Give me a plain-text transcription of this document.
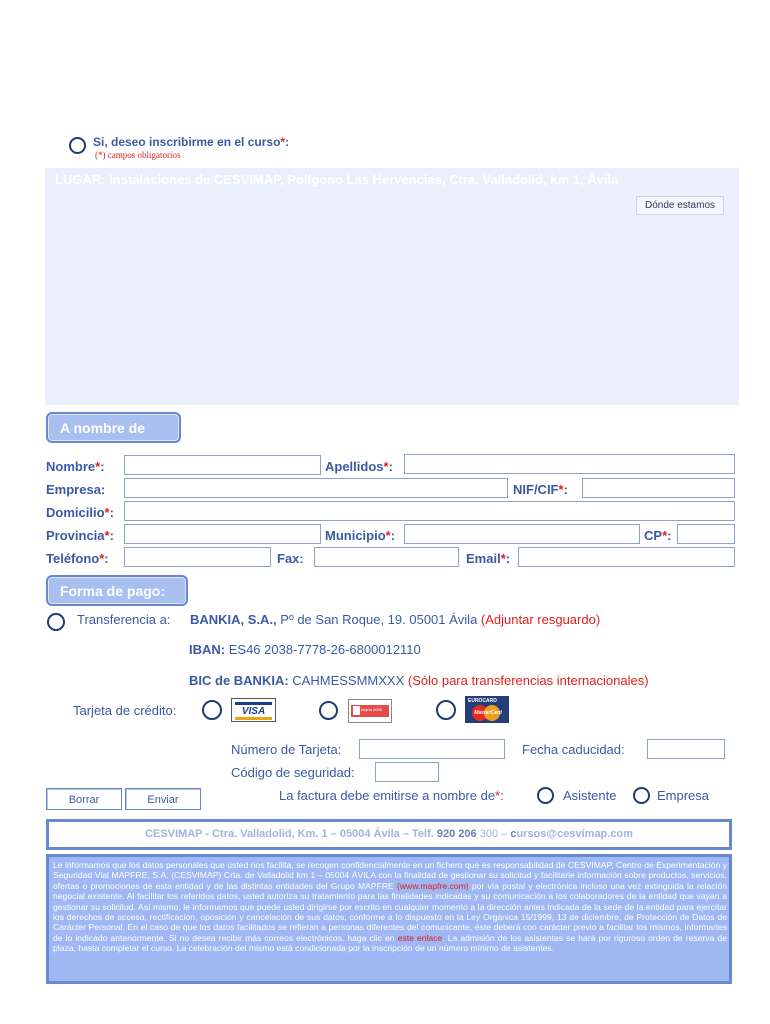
Si, deseo inscribirme en el curso*:
(*) campos obligatorios
LUGAR: Instalaciones de CESVIMAP, Polígono Las Hervencias, Ctra. Valladolid, km 1, Ávila
Dónde estamos
A nombre de
Nombre*:	Apellidos*:
Empresa:	NIF/CIF*:
Domicilio*:
Provincia*:	Municipio*:	CP*:
Teléfono*:	Fax:	Email*:
Forma de pago:
Transferencia a: BANKIA, S.A., Pº de San Roque, 19. 05001 Ávila (Adjuntar resguardo)
IBAN: ES46 2038-7778-26-6800012110
BIC de BANKIA: CAHMESSMMXXX (Sólo para transferencias internacionales)
Tarjeta de crédito:	VISA	tarjeta 6000
EUROCARD
MasterCard
Número de Tarjeta:	Fecha caducidad:
Código de seguridad:
Borrar	Enviar	La factura debe emitirse a nombre de*:	Asistente	Empresa
CESVIMAP - Ctra. Valladolid, Km. 1 – 05004 Ávila – Telf. 920 206 300 – cursos@cesvimap.com
Le informamos que los datos personales que usted nos facilita, se recogen confidencialmente en un fichero que es responsabilidad de CESVIMAP, Centro de Experimentación y Seguridad Vial MAPFRE, S.A. (CESVIMAP) Crta. de Valladolid km 1 – 05004 ÁVILA con la finalidad de gestionar su solicitud y facilitarle información sobre productos, servicios, ofertas o promociones de esta entidad y de las distintas entidades del Grupo MAPFRE (www.mapfre.com) por vía postal y electrónica incluso una vez extinguida la relación negocial existente. Al facilitar los referidos datos, usted autoriza su tratamiento para las finalidades indicadas y su comunicación a los colaboradores de la entidad que vayan a gestionar su solicitud. Así mismo, le informamos que puede usted dirigirse por escrito en cualquier momento a la dirección antes indicada de la sede de la entidad para ejercitar los derechos de acceso, rectificación, oposición y cancelación de sus datos, conforme a lo dispuesto en la Ley Orgánica 15/1999, 13 de diciembre, de Protección de Datos de Carácter Personal. En el caso de que los datos facilitados se refieran a personas diferentes del comunicante, éste deberá con carácter previo a facilitar los mismos, informarles de lo indicado anteriormente. Si no desea recibir más correos electrónicos, haga clic en este enlace. La admisión de los asistentes se hará por riguroso orden de reserva de plaza, hasta completar el curso. La celebración del mismo está condicionada por la inscripción de un número mínimo de asistentes.
